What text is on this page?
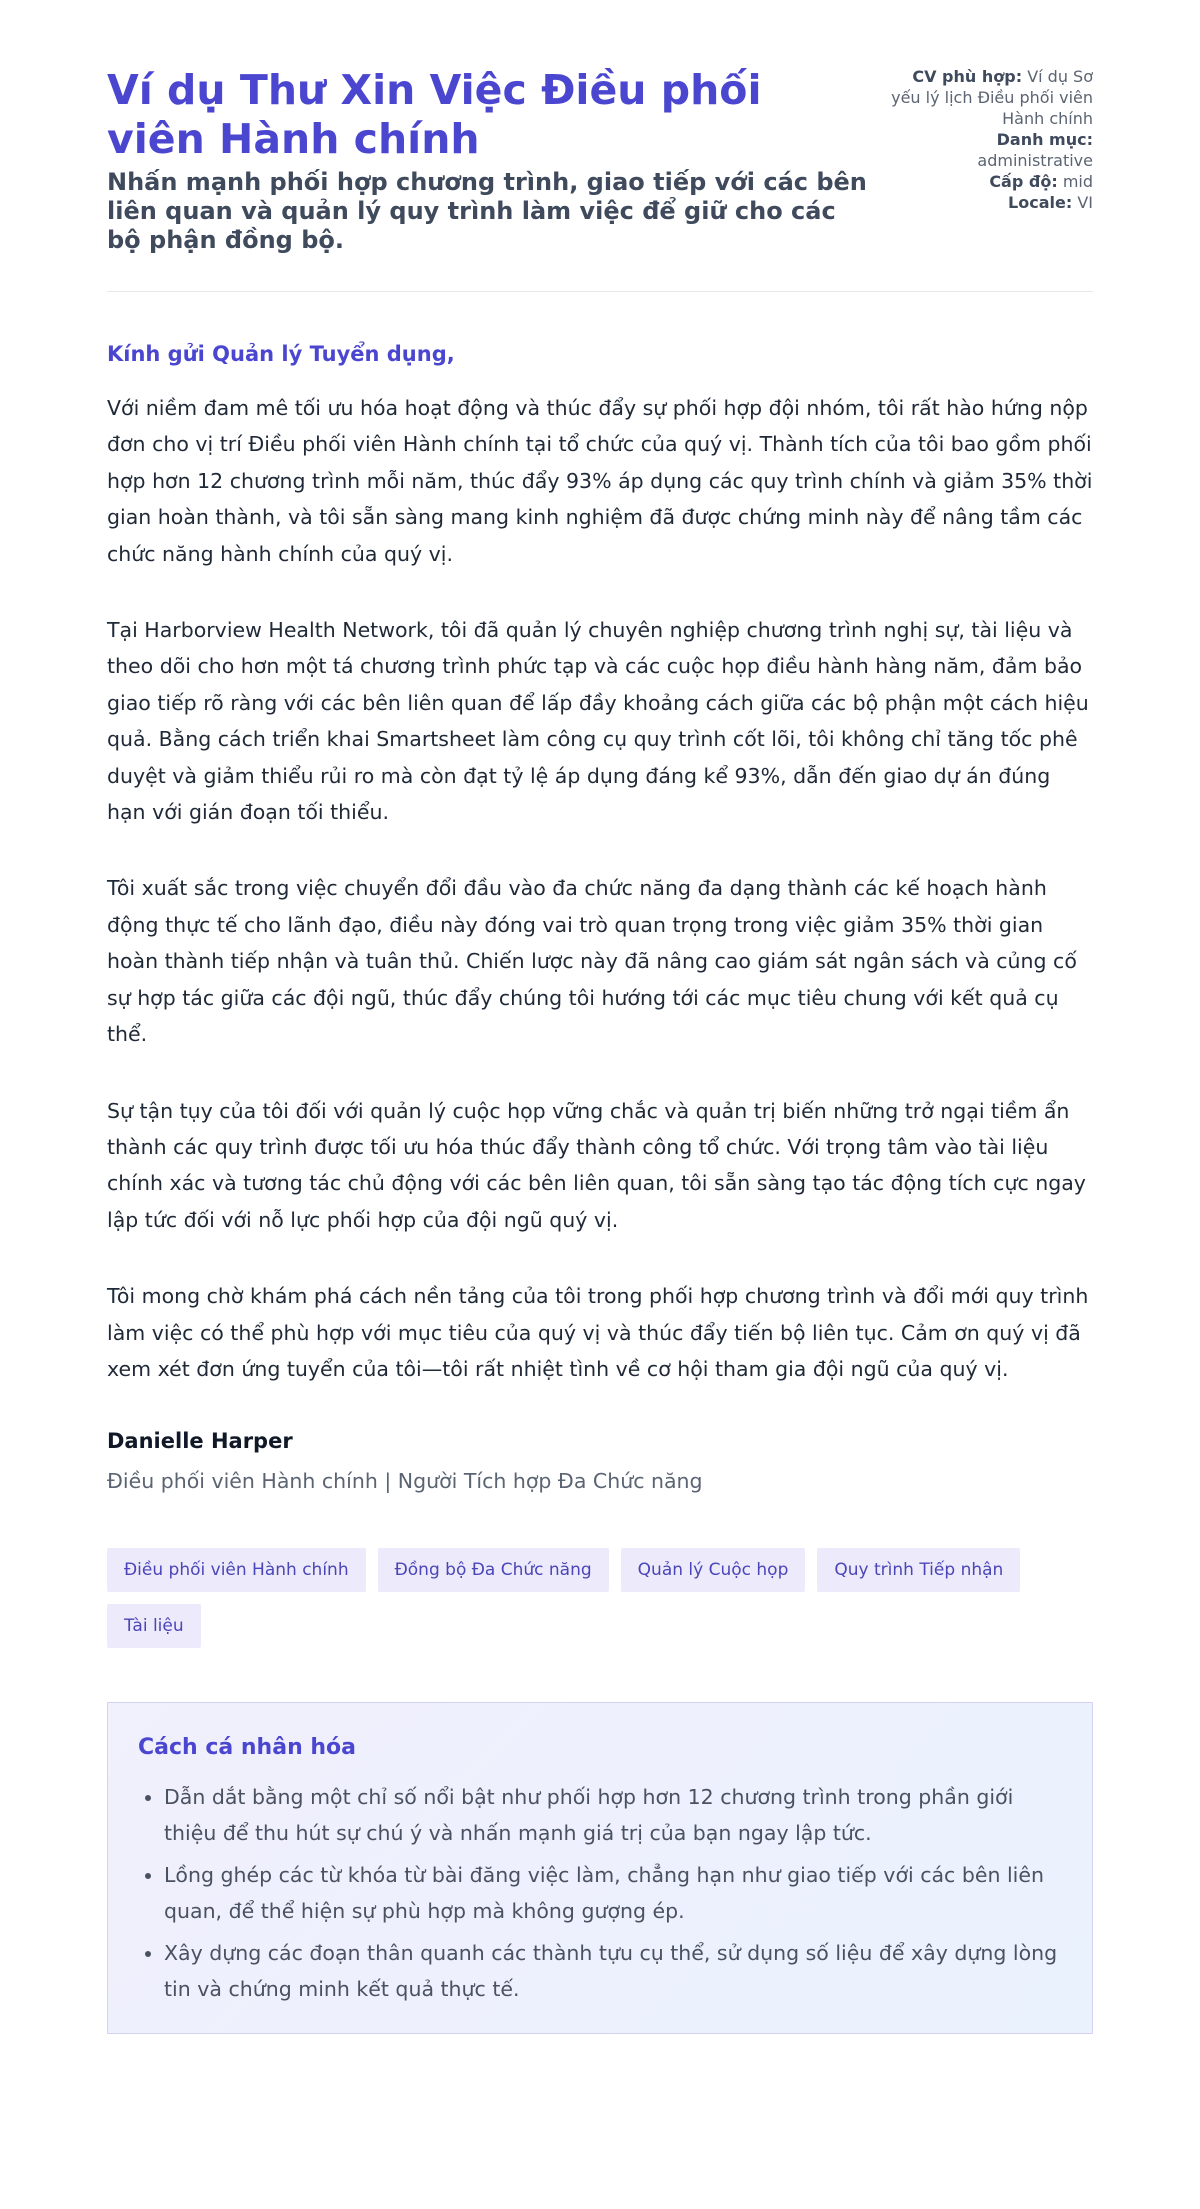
Ví dụ Thư Xin Việc Điều phối viên Hành chính

Nhấn mạnh phối hợp chương trình, giao tiếp với các bên liên quan và quản lý quy trình làm việc để giữ cho các bộ phận đồng bộ.

CV phù hợp: Ví dụ Sơ yếu lý lịch Điều phối viên Hành chính

Danh mục: administrative

Cấp độ: mid

Locale: VI

Kính gửi Quản lý Tuyển dụng,

Với niềm đam mê tối ưu hóa hoạt động và thúc đẩy sự phối hợp đội nhóm, tôi rất hào hứng nộp đơn cho vị trí Điều phối viên Hành chính tại tổ chức của quý vị. Thành tích của tôi bao gồm phối hợp hơn 12 chương trình mỗi năm, thúc đẩy 93% áp dụng các quy trình chính và giảm 35% thời gian hoàn thành, và tôi sẵn sàng mang kinh nghiệm đã được chứng minh này để nâng tầm các chức năng hành chính của quý vị.

Tại Harborview Health Network, tôi đã quản lý chuyên nghiệp chương trình nghị sự, tài liệu và theo dõi cho hơn một tá chương trình phức tạp và các cuộc họp điều hành hàng năm, đảm bảo giao tiếp rõ ràng với các bên liên quan để lấp đầy khoảng cách giữa các bộ phận một cách hiệu quả. Bằng cách triển khai Smartsheet làm công cụ quy trình cốt lõi, tôi không chỉ tăng tốc phê duyệt và giảm thiểu rủi ro mà còn đạt tỷ lệ áp dụng đáng kể 93%, dẫn đến giao dự án đúng hạn với gián đoạn tối thiểu.

Tôi xuất sắc trong việc chuyển đổi đầu vào đa chức năng đa dạng thành các kế hoạch hành động thực tế cho lãnh đạo, điều này đóng vai trò quan trọng trong việc giảm 35% thời gian hoàn thành tiếp nhận và tuân thủ. Chiến lược này đã nâng cao giám sát ngân sách và củng cố sự hợp tác giữa các đội ngũ, thúc đẩy chúng tôi hướng tới các mục tiêu chung với kết quả cụ thể.

Sự tận tụy của tôi đối với quản lý cuộc họp vững chắc và quản trị biến những trở ngại tiềm ẩn thành các quy trình được tối ưu hóa thúc đẩy thành công tổ chức. Với trọng tâm vào tài liệu chính xác và tương tác chủ động với các bên liên quan, tôi sẵn sàng tạo tác động tích cực ngay lập tức đối với nỗ lực phối hợp của đội ngũ quý vị.

Tôi mong chờ khám phá cách nền tảng của tôi trong phối hợp chương trình và đổi mới quy trình làm việc có thể phù hợp với mục tiêu của quý vị và thúc đẩy tiến bộ liên tục. Cảm ơn quý vị đã xem xét đơn ứng tuyển của tôi—tôi rất nhiệt tình về cơ hội tham gia đội ngũ của quý vị.

Danielle Harper

Điều phối viên Hành chính | Người Tích hợp Đa Chức năng

Điều phối viên Hành chính	Đồng bộ Đa Chức năng	Quản lý Cuộc họp	Quy trình Tiếp nhận
Tài liệu
Cách cá nhân hóa
• Dẫn dắt bằng một chỉ số nổi bật như phối hợp hơn 12 chương trình trong phần giới thiệu để thu hút sự chú ý và nhấn mạnh giá trị của bạn ngay lập tức.
• Lồng ghép các từ khóa từ bài đăng việc làm, chẳng hạn như giao tiếp với các bên liên quan, để thể hiện sự phù hợp mà không gượng ép.
• Xây dựng các đoạn thân quanh các thành tựu cụ thể, sử dụng số liệu để xây dựng lòng tin và chứng minh kết quả thực tế.
